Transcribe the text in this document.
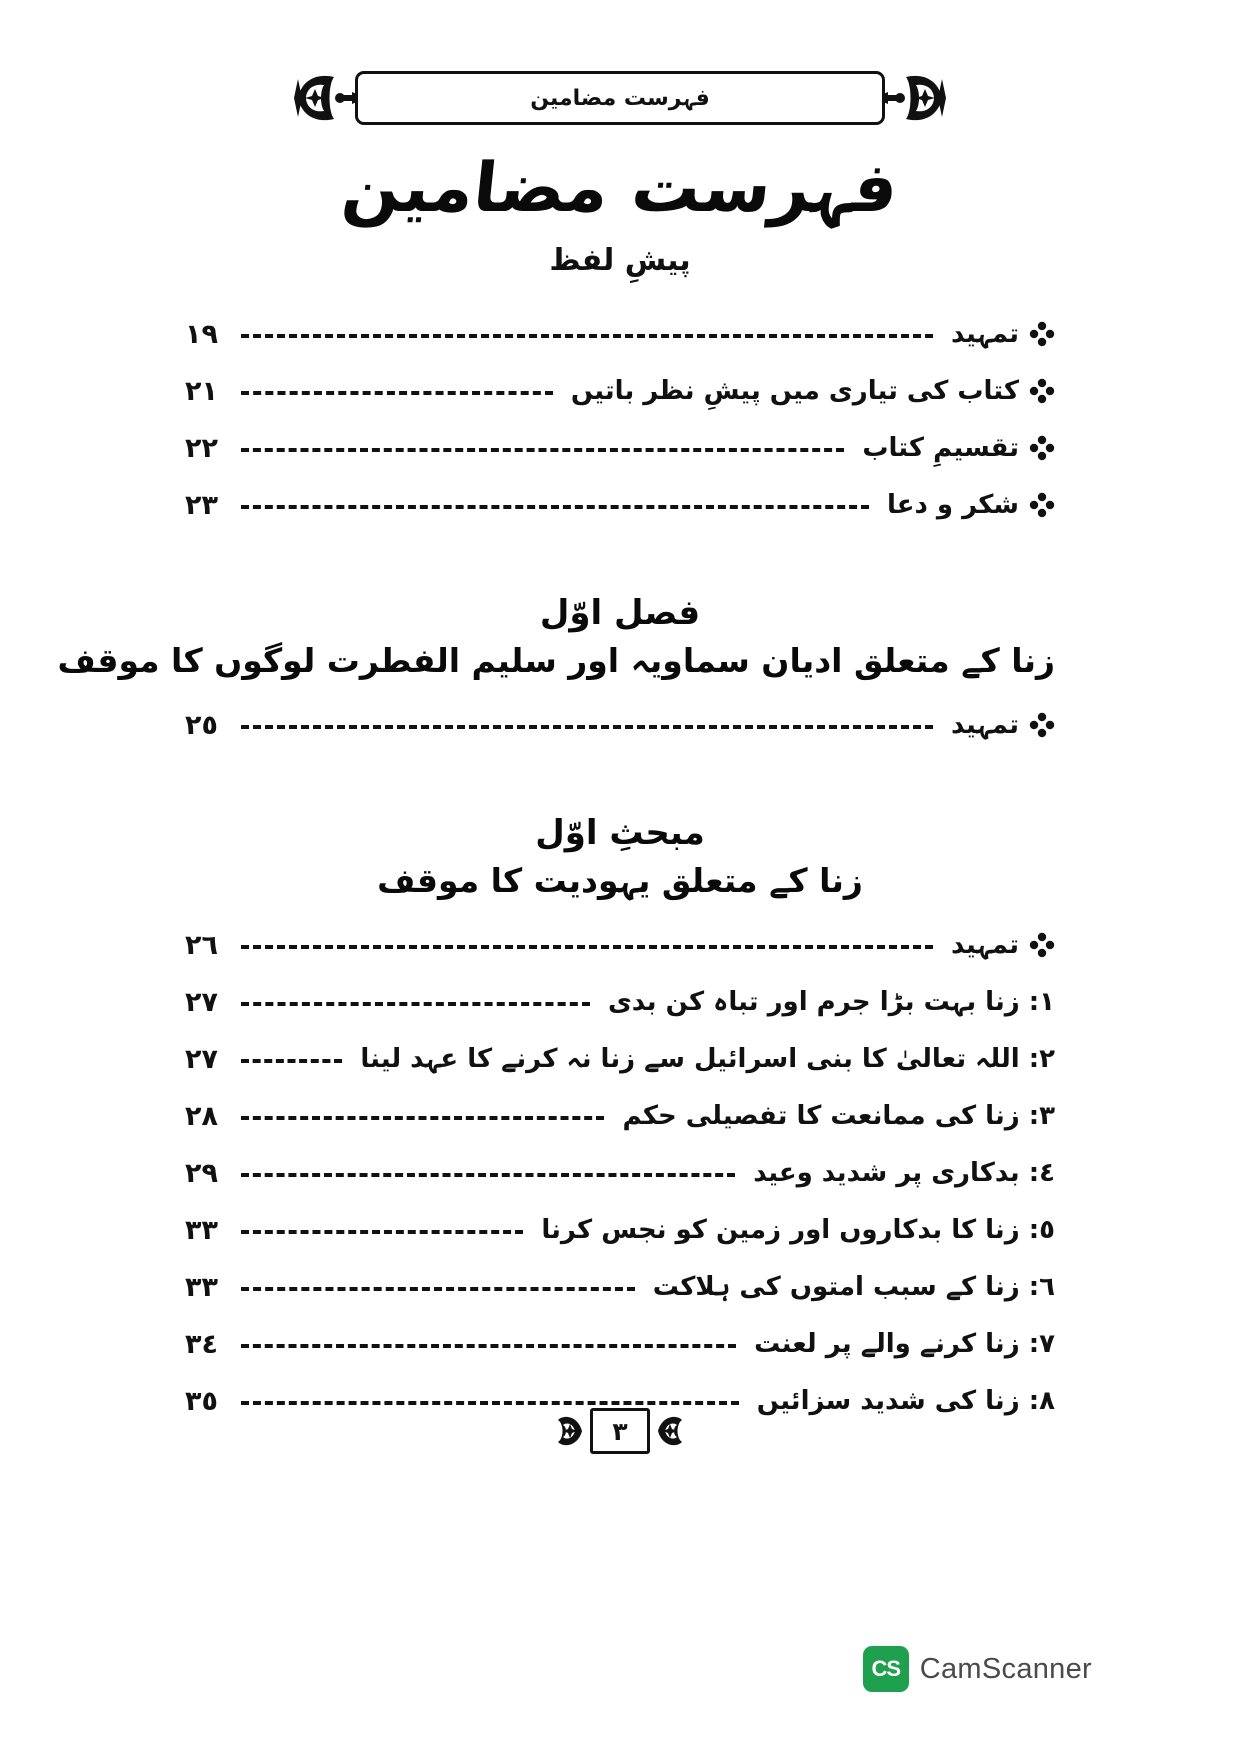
فہرست مضامین
فہرست مضامین
پیشِ لفظ
تمہید
١٩
کتاب کی تیاری میں پیشِ نظر باتیں
٢١
تقسیمِ کتاب
٢٢
شکر و دعا
٢٣
فصل اوّل
زنا کے متعلق ادیان سماویہ اور سلیم الفطرت لوگوں کا موقف
تمہید
٢٥
مبحثِ اوّل
زنا کے متعلق یہودیت کا موقف
تمہید
٢٦
١: زنا بہت بڑا جرم اور تباہ کن بدی
٢٧
٢: اللہ تعالیٰ کا بنی اسرائیل سے زنا نہ کرنے کا عہد لینا
٢٧
٣: زنا کی ممانعت کا تفصیلی حکم
٢٨
٤: بدکاری پر شدید وعید
٢٩
٥: زنا کا بدکاروں اور زمین کو نجس کرنا
٣٣
٦: زنا کے سبب امتوں کی ہلاکت
٣٣
٧: زنا کرنے والے پر لعنت
٣٤
٨: زنا کی شدید سزائیں
٣٥
٣
CS CamScanner
